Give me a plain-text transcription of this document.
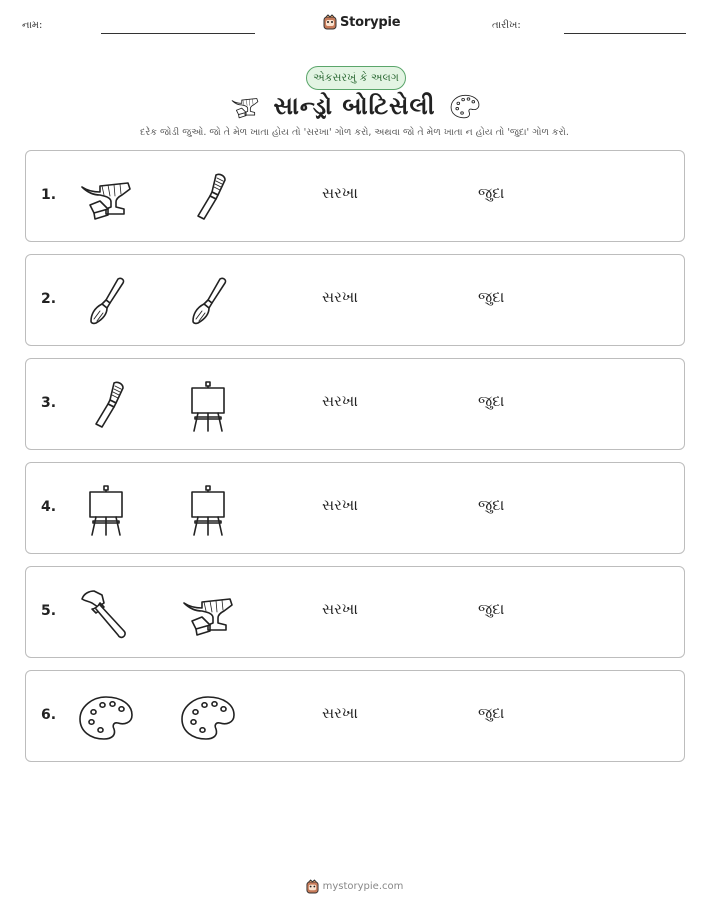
નામ:	Storypie	તારીખ:
એકસરખું કે અલગ
સાન્ડ્રો બોટિસેલી
દરેક જોડી જુઓ. જો તે મેળ ખાતા હોય તો 'સરખા' ગોળ કરો, અથવા જો તે મેળ ખાતા ન હોય તો 'જુદા' ગોળ કરો.
1.	સરખા	જુદા
2.	સરખા	જુદા
3.	સરખા	જુદા
4.	સરખા	જુદા
5.	સરખા	જુદા
6.	સરખા	જુદા
mystorypie.com
